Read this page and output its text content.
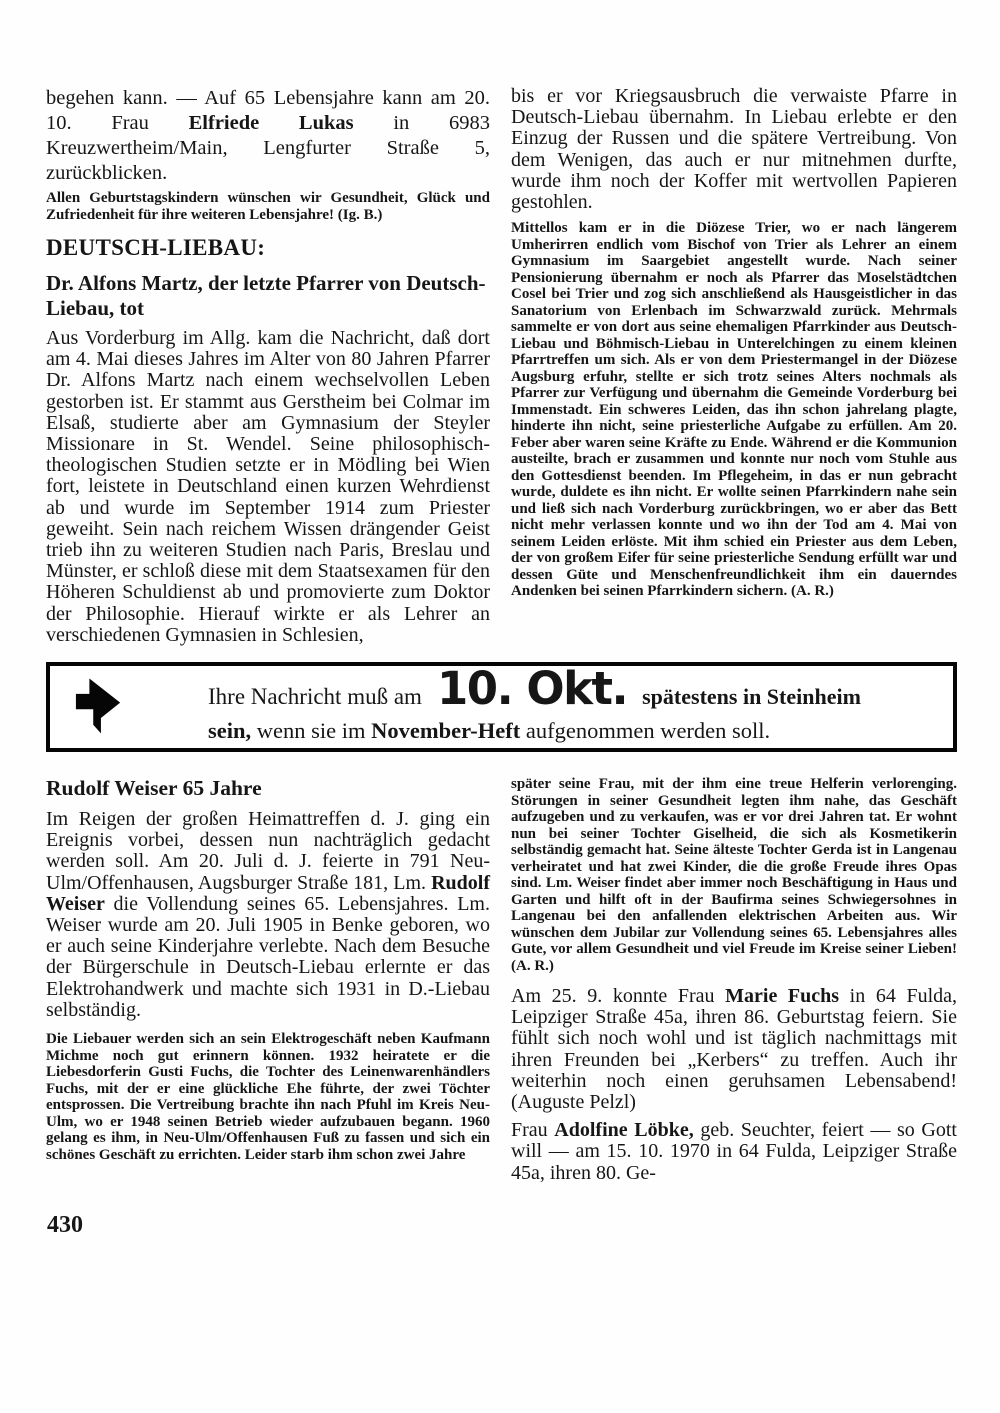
begehen kann. — Auf 65 Lebensjahre kann am 20. 10. Frau Elfriede Lukas in 6983 Kreuzwertheim/Main, Lengfurter Straße 5, zurückblicken.

Allen Geburtstagskindern wünschen wir Gesundheit, Glück und Zufriedenheit für ihre weiteren Lebensjahre! (Ig. B.)

DEUTSCH-LIEBAU:
Dr. Alfons Martz, der letzte Pfarrer von Deutsch-Liebau, tot

Aus Vorderburg im Allg. kam die Nachricht, daß dort am 4. Mai dieses Jahres im Alter von 80 Jahren Pfarrer Dr. Alfons Martz nach einem wechselvollen Leben gestorben ist. Er stammt aus Gerstheim bei Colmar im Elsaß, studierte aber am Gymnasium der Steyler Missionare in St. Wendel. Seine philosophisch-theologischen Studien setzte er in Mödling bei Wien fort, leistete in Deutschland einen kurzen Wehrdienst ab und wurde im September 1914 zum Priester geweiht. Sein nach reichem Wissen drängender Geist trieb ihn zu weiteren Studien nach Paris, Breslau und Münster, er schloß diese mit dem Staatsexamen für den Höheren Schuldienst ab und promovierte zum Doktor der Philosophie. Hierauf wirkte er als Lehrer an verschiedenen Gymnasien in Schlesien,

bis er vor Kriegsausbruch die verwaiste Pfarre in Deutsch-Liebau übernahm. In Liebau erlebte er den Einzug der Russen und die spätere Vertreibung. Von dem Wenigen, das auch er nur mitnehmen durfte, wurde ihm noch der Koffer mit wertvollen Papieren gestohlen.

Mittellos kam er in die Diözese Trier, wo er nach längerem Umherirren endlich vom Bischof von Trier als Lehrer an einem Gymnasium im Saargebiet angestellt wurde. Nach seiner Pensionierung übernahm er noch als Pfarrer das Moselstädtchen Cosel bei Trier und zog sich anschließend als Hausgeistlicher in das Sanatorium von Erlenbach im Schwarzwald zurück. Mehrmals sammelte er von dort aus seine ehemaligen Pfarrkinder aus Deutsch-Liebau und Böhmisch-Liebau in Unterelchingen zu einem kleinen Pfarrtreffen um sich. Als er von dem Priestermangel in der Diözese Augsburg erfuhr, stellte er sich trotz seines Alters nochmals als Pfarrer zur Verfügung und übernahm die Gemeinde Vorderburg bei Immenstadt. Ein schweres Leiden, das ihn schon jahrelang plagte, hinderte ihn nicht, seine priesterliche Aufgabe zu erfüllen. Am 20. Feber aber waren seine Kräfte zu Ende. Während er die Kommunion austeilte, brach er zusammen und konnte nur noch vom Stuhle aus den Gottesdienst beenden. Im Pflegeheim, in das er nun gebracht wurde, duldete es ihn nicht. Er wollte seinen Pfarrkindern nahe sein und ließ sich nach Vorderburg zurückbringen, wo er aber das Bett nicht mehr verlassen konnte und wo ihn der Tod am 4. Mai von seinem Leiden erlöste. Mit ihm schied ein Priester aus dem Leben, der von großem Eifer für seine priesterliche Sendung erfüllt war und dessen Güte und Menschenfreundlichkeit ihm ein dauerndes Andenken bei seinen Pfarrkindern sichern. (A. R.)

Ihre Nachricht muß am 10. Okt. spätestens in Steinheim
sein, wenn sie im November-Heft aufgenommen werden soll.
Rudolf Weiser 65 Jahre

Im Reigen der großen Heimattreffen d. J. ging ein Ereignis vorbei, dessen nun nachträglich gedacht werden soll. Am 20. Juli d. J. feierte in 791 Neu-Ulm/Offenhausen, Augsburger Straße 181, Lm. Rudolf Weiser die Vollendung seines 65. Lebensjahres. Lm. Weiser wurde am 20. Juli 1905 in Benke geboren, wo er auch seine Kinderjahre verlebte. Nach dem Besuche der Bürgerschule in Deutsch-Liebau erlernte er das Elektrohandwerk und machte sich 1931 in D.-Liebau selbständig.

Die Liebauer werden sich an sein Elektrogeschäft neben Kaufmann Michme noch gut erinnern können. 1932 heiratete er die Liebesdorferin Gusti Fuchs, die Tochter des Leinenwarenhändlers Fuchs, mit der er eine glückliche Ehe führte, der zwei Töchter entsprossen. Die Vertreibung brachte ihn nach Pfuhl im Kreis Neu-Ulm, wo er 1948 seinen Betrieb wieder aufzubauen begann. 1960 gelang es ihm, in Neu-Ulm/Offenhausen Fuß zu fassen und sich ein schönes Geschäft zu errichten. Leider starb ihm schon zwei Jahre

später seine Frau, mit der ihm eine treue Helferin verlorenging. Störungen in seiner Gesundheit legten ihm nahe, das Geschäft aufzugeben und zu verkaufen, was er vor drei Jahren tat. Er wohnt nun bei seiner Tochter Giselheid, die sich als Kosmetikerin selbständig gemacht hat. Seine älteste Tochter Gerda ist in Langenau verheiratet und hat zwei Kinder, die die große Freude ihres Opas sind. Lm. Weiser findet aber immer noch Beschäftigung in Haus und Garten und hilft oft in der Baufirma seines Schwiegersohnes in Langenau bei den anfallenden elektrischen Arbeiten aus. Wir wünschen dem Jubilar zur Vollendung seines 65. Lebensjahres alles Gute, vor allem Gesundheit und viel Freude im Kreise seiner Lieben! (A. R.)

Am 25. 9. konnte Frau Marie Fuchs in 64 Fulda, Leipziger Straße 45a, ihren 86. Geburtstag feiern. Sie fühlt sich noch wohl und ist täglich nachmittags mit ihren Freunden bei „Kerbers“ zu treffen. Auch ihr weiterhin noch einen geruhsamen Lebensabend! (Auguste Pelzl)

Frau Adolfine Löbke, geb. Seuchter, feiert — so Gott will — am 15. 10. 1970 in 64 Fulda, Leipziger Straße 45a, ihren 80. Ge-

430
